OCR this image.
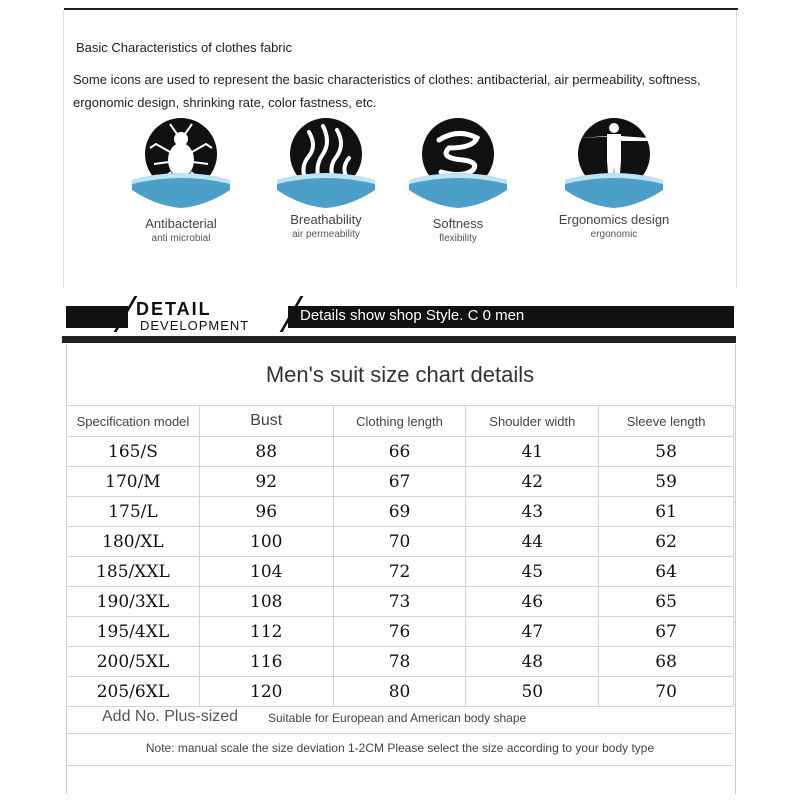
Basic Characteristics of clothes fabric
Some icons are used to represent the basic characteristics of clothes: antibacterial, air permeability, softness, ergonomic design, shrinking rate, color fastness, etc.
Antibacterial
anti microbial
Breathability
air permeability
Softness
flexibility
Ergonomics design
ergonomic
DETAIL
DEVELOPMENT
Details show shop Style. C 0 men
Men's suit size chart details
Specification model	Bust	Clothing length	Shoulder width	Sleeve length
165/S	88	66	41	58
170/M	92	67	42	59
175/L	96	69	43	61
180/XL	100	70	44	62
185/XXL	104	72	45	64
190/3XL	108	73	46	65
195/4XL	112	76	47	67
200/5XL	116	78	48	68
205/6XL	120	80	50	70
Add No. Plus-sized Suitable for European and American body shape
Note: manual scale the size deviation 1-2CM Please select the size according to your body type
